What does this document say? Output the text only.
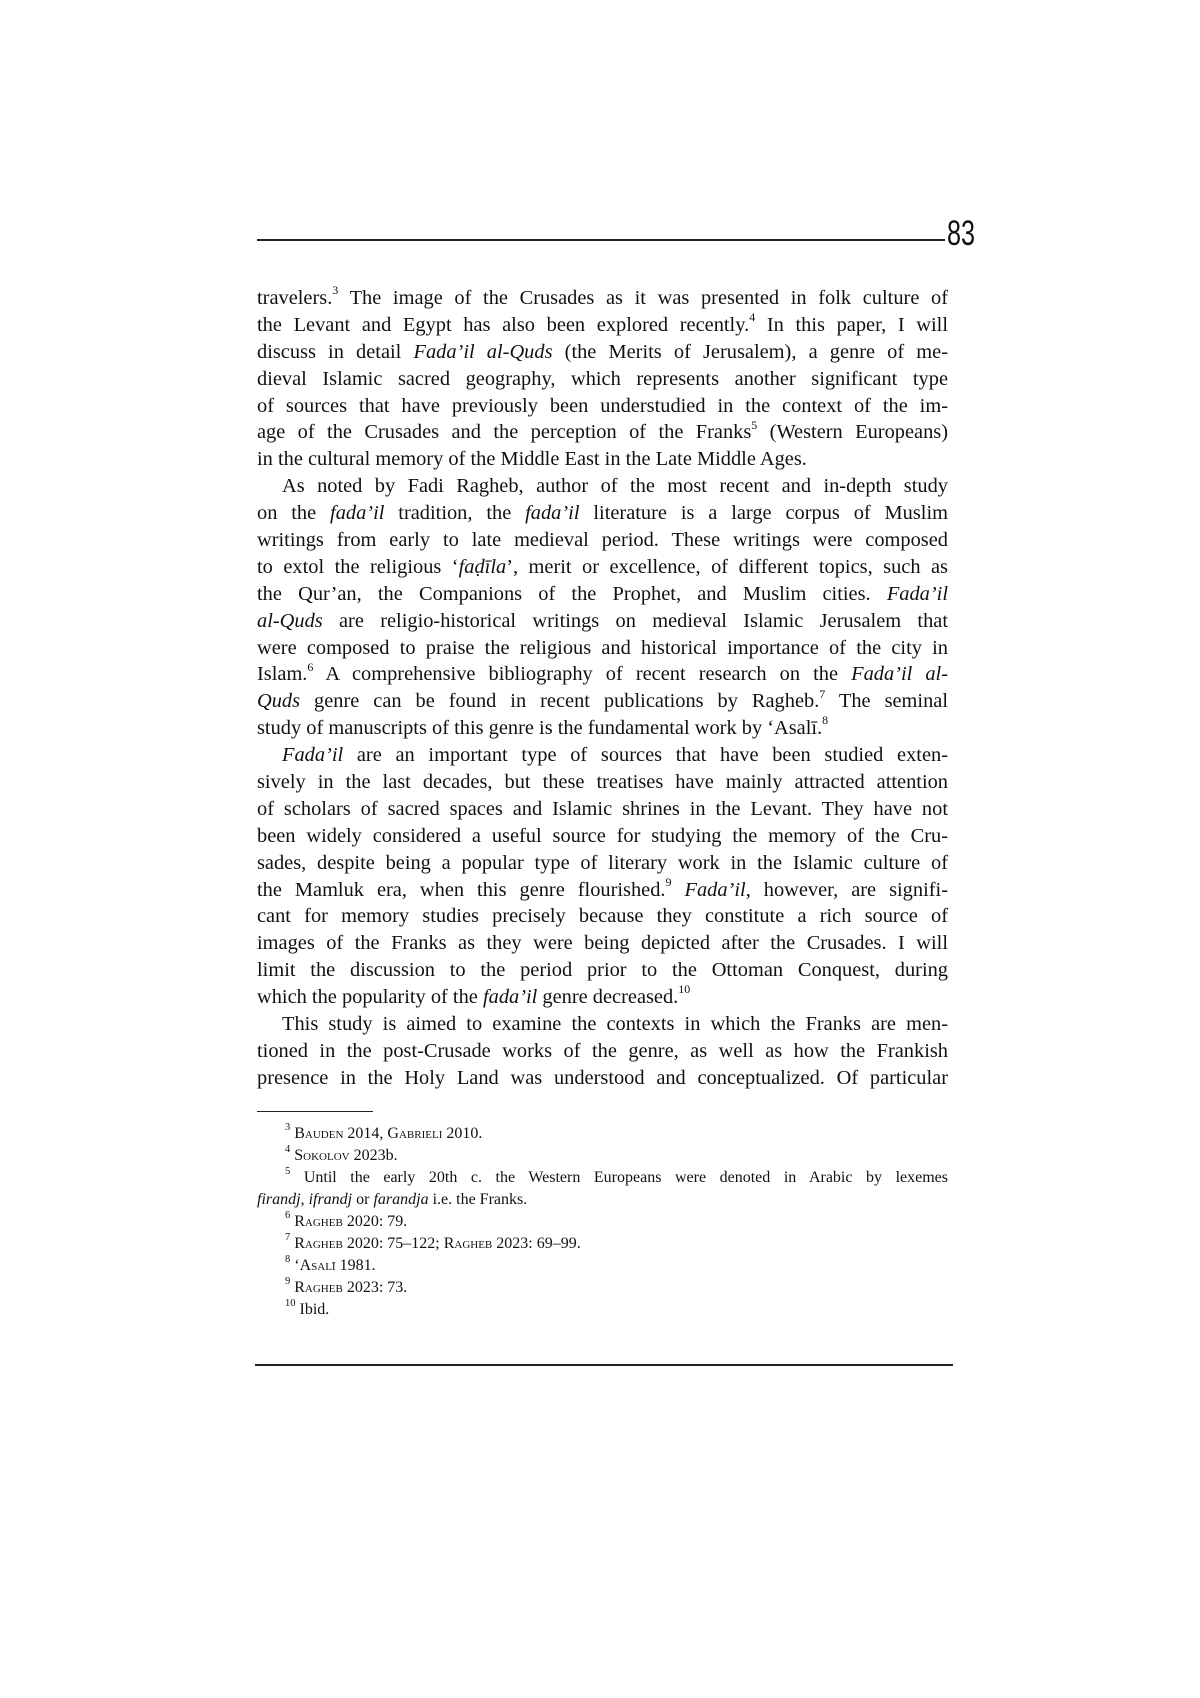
83
travelers.$^3$ The image of the Crusades as it was presented in folk culture of
the Levant and Egypt has also been explored recently.$^4$ In this paper, I will
discuss in detail Fada’il al-Quds (the Merits of Jerusalem), a genre of me-
dieval Islamic sacred geography, which represents another significant type
of sources that have previously been understudied in the context of the im-
age of the Crusades and the perception of the Franks$^5$ (Western Europeans)
in the cultural memory of the Middle East in the Late Middle Ages.
As noted by Fadi Ragheb, author of the most recent and in-depth study
on the fada’il tradition, the fada’il literature is a large corpus of Muslim
writings from early to late medieval period. These writings were composed
to extol the religious ‘faḍīla’, merit or excellence, of different topics, such as
the Qur’an, the Companions of the Prophet, and Muslim cities. Fada’il
al-Quds are religio-historical writings on medieval Islamic Jerusalem that
were composed to praise the religious and historical importance of the city in
Islam.$^6$ A comprehensive bibliography of recent research on the Fada’il al-
Quds genre can be found in recent publications by Ragheb.$^7$ The seminal
study of manuscripts of this genre is the fundamental work by ‘Asalī.$^8$
Fada’il are an important type of sources that have been studied exten-
sively in the last decades, but these treatises have mainly attracted attention
of scholars of sacred spaces and Islamic shrines in the Levant. They have not
been widely considered a useful source for studying the memory of the Cru-
sades, despite being a popular type of literary work in the Islamic culture of
the Mamluk era, when this genre flourished.$^9$ Fada’il, however, are signifi-
cant for memory studies precisely because they constitute a rich source of
images of the Franks as they were being depicted after the Crusades. I will
limit the discussion to the period prior to the Ottoman Conquest, during
which the popularity of the fada’il genre decreased.$^{10}$
This study is aimed to examine the contexts in which the Franks are men-
tioned in the post-Crusade works of the genre, as well as how the Frankish
presence in the Holy Land was understood and conceptualized. Of particular
$^3$ Bauden 2014, Gabrieli 2010.
$^4$ Sokolov 2023b.
$^5$ Until the early 20th c. the Western Europeans were denoted in Arabic by lexemes
firandj, ifrandj or farandja i.e. the Franks.
$^6$ Ragheb 2020: 79.
$^7$ Ragheb 2020: 75–122; Ragheb 2023: 69–99.
$^8$ ‘Asalī 1981.
$^9$ Ragheb 2023: 73.
$^{10}$ Ibid.
